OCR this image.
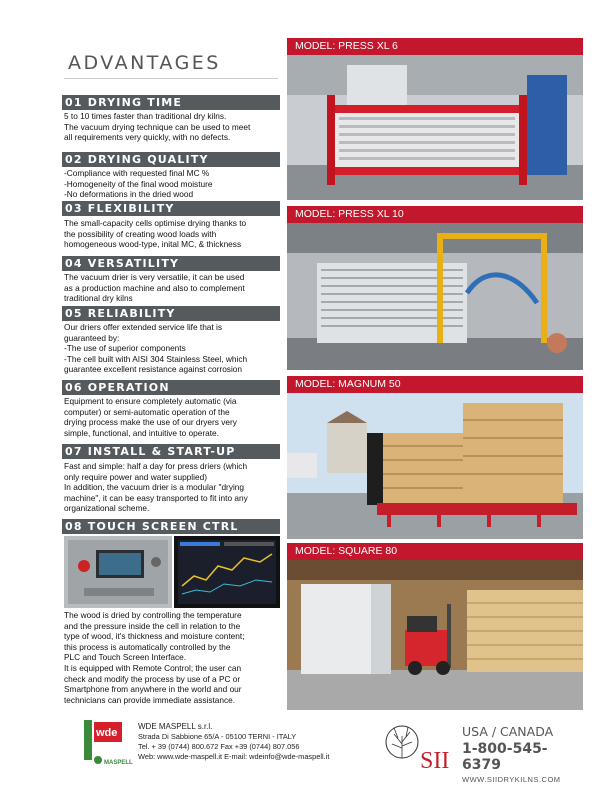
ADVANTAGES
01 DRYING TIME
5 to 10 times faster than traditional dry kilns.
The vacuum drying technique can be used to meet
all requirements very quickly, with no defects.
02 DRYING QUALITY
-Compliance with requested final MC %
-Homogeneity of the final wood moisture
-No deformations in the dried wood
03 FLEXIBILITY
The small-capacity cells optimise drying thanks to
the possibility of creating wood loads with
homogeneous wood-type, inital MC, & thickness
04 VERSATILITY
The vacuum drier is very versatile, it can be used
as a production machine and also to complement
traditional dry kilns
05 RELIABILITY
Our driers offer extended service life that is
guaranteed by:
-The use of superior components
-The cell built with AISI 304 Stainless Steel, which
guarantee excellent resistance against corrosion
06 OPERATION
Equipment to ensure completely automatic (via
computer) or semi-automatic operation of the
drying process make the use of our dryers very
simple, functional, and intuitive to operate.
07 INSTALL & START-UP
Fast and simple: half a day for press driers (which
only require power and water supplied)
In addition, the vacuum drier is a modular "drying
machine", it can be easy transported to fit into any
organizational scheme.
08 TOUCH SCREEN CTRL
The wood is dried by controlling the temperature
and the pressure inside the cell in relation to the
type of wood, it's thickness and moisture content;
this process is automatically controlled by the
PLC and Touch Screen Interface.
It is equipped with Remote Control; the user can
check and modify the process by use of a PC or
Smartphone from anywhere in the world and our
technicians can provide immediate assistance.
MODEL: PRESS XL 6
MODEL: PRESS XL 10
MODEL: MAGNUM 50
MODEL: SQUARE 80
wde
MASPELL
WDE MASPELL s.r.l.
Strada Di Sabbione 65/A - 05100 TERNI - ITALY
Tel. + 39 (0744) 800.672 Fax +39 (0744) 807.056
Web: www.wde-maspell.it E-mail: wdeinfo@wde-maspell.it	SII
USA / CANADA
1-800-545-6379
WWW.SIIDRYKILNS.COM
